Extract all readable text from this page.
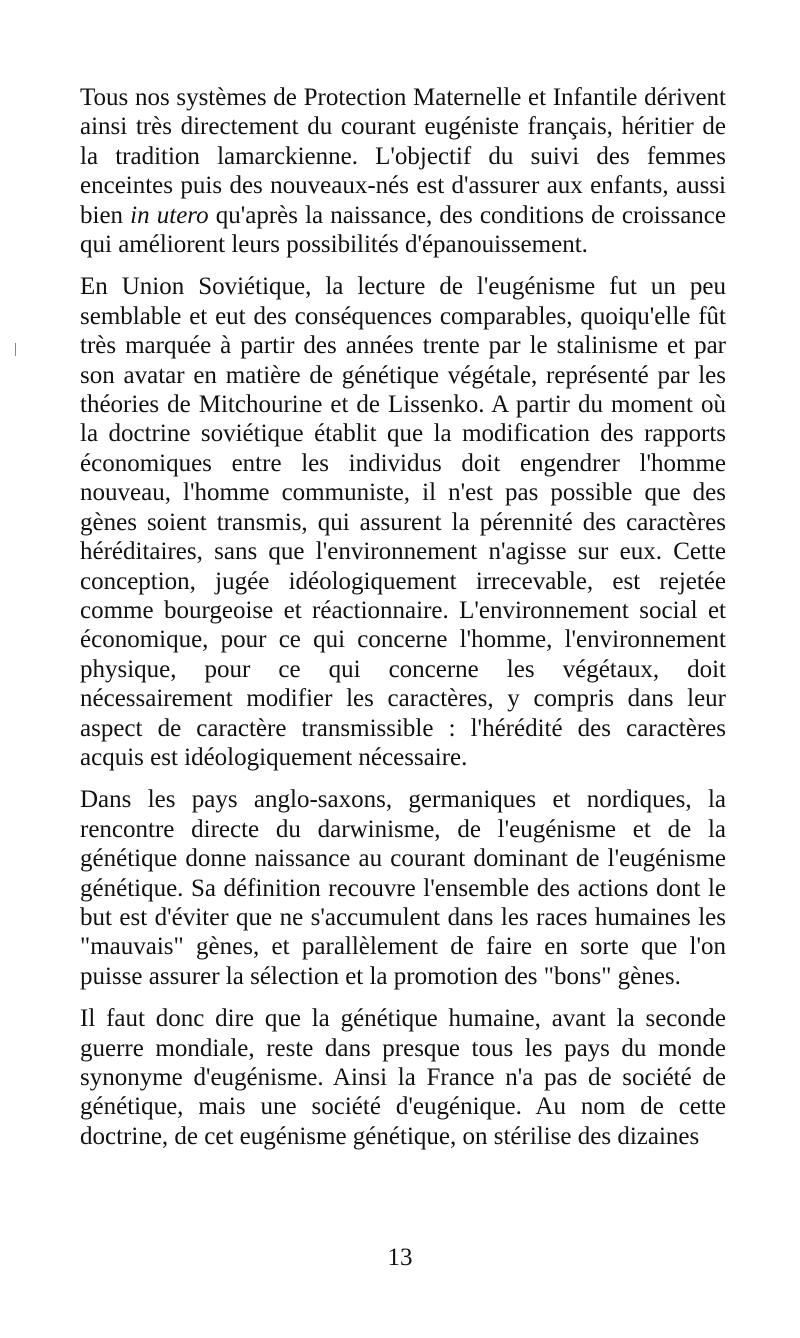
Tous nos systèmes de Protection Maternelle et Infantile dérivent ainsi très directement du courant eugéniste français, héritier de la tradition lamarckienne. L'objectif du suivi des femmes enceintes puis des nouveaux-nés est d'assurer aux enfants, aussi bien in utero qu'après la naissance, des conditions de croissance qui améliorent leurs possibilités d'épanouissement.

En Union Soviétique, la lecture de l'eugénisme fut un peu semblable et eut des conséquences comparables, quoiqu'elle fût très marquée à partir des années trente par le stalinisme et par son avatar en matière de génétique végétale, représenté par les théories de Mitchourine et de Lissenko. A partir du moment où la doctrine soviétique établit que la modification des rapports économiques entre les individus doit engendrer l'homme nouveau, l'homme communiste, il n'est pas possible que des gènes soient transmis, qui assurent la pérennité des caractères héréditaires, sans que l'environnement n'agisse sur eux. Cette conception, jugée idéologiquement irrecevable, est rejetée comme bourgeoise et réactionnaire. L'environnement social et économique, pour ce qui concerne l'homme, l'environnement physique, pour ce qui concerne les végétaux, doit nécessairement modifier les caractères, y compris dans leur aspect de caractère transmissible : l'hérédité des caractères acquis est idéologiquement nécessaire.

Dans les pays anglo-saxons, germaniques et nordiques, la rencontre directe du darwinisme, de l'eugénisme et de la génétique donne naissance au courant dominant de l'eugénisme génétique. Sa définition recouvre l'ensemble des actions dont le but est d'éviter que ne s'accumulent dans les races humaines les "mauvais" gènes, et parallèlement de faire en sorte que l'on puisse assurer la sélection et la promotion des "bons" gènes.

Il faut donc dire que la génétique humaine, avant la seconde guerre mondiale, reste dans presque tous les pays du monde synonyme d'eugénisme. Ainsi la France n'a pas de société de génétique, mais une société d'eugénique. Au nom de cette doctrine, de cet eugénisme génétique, on stérilise des dizaines

13
